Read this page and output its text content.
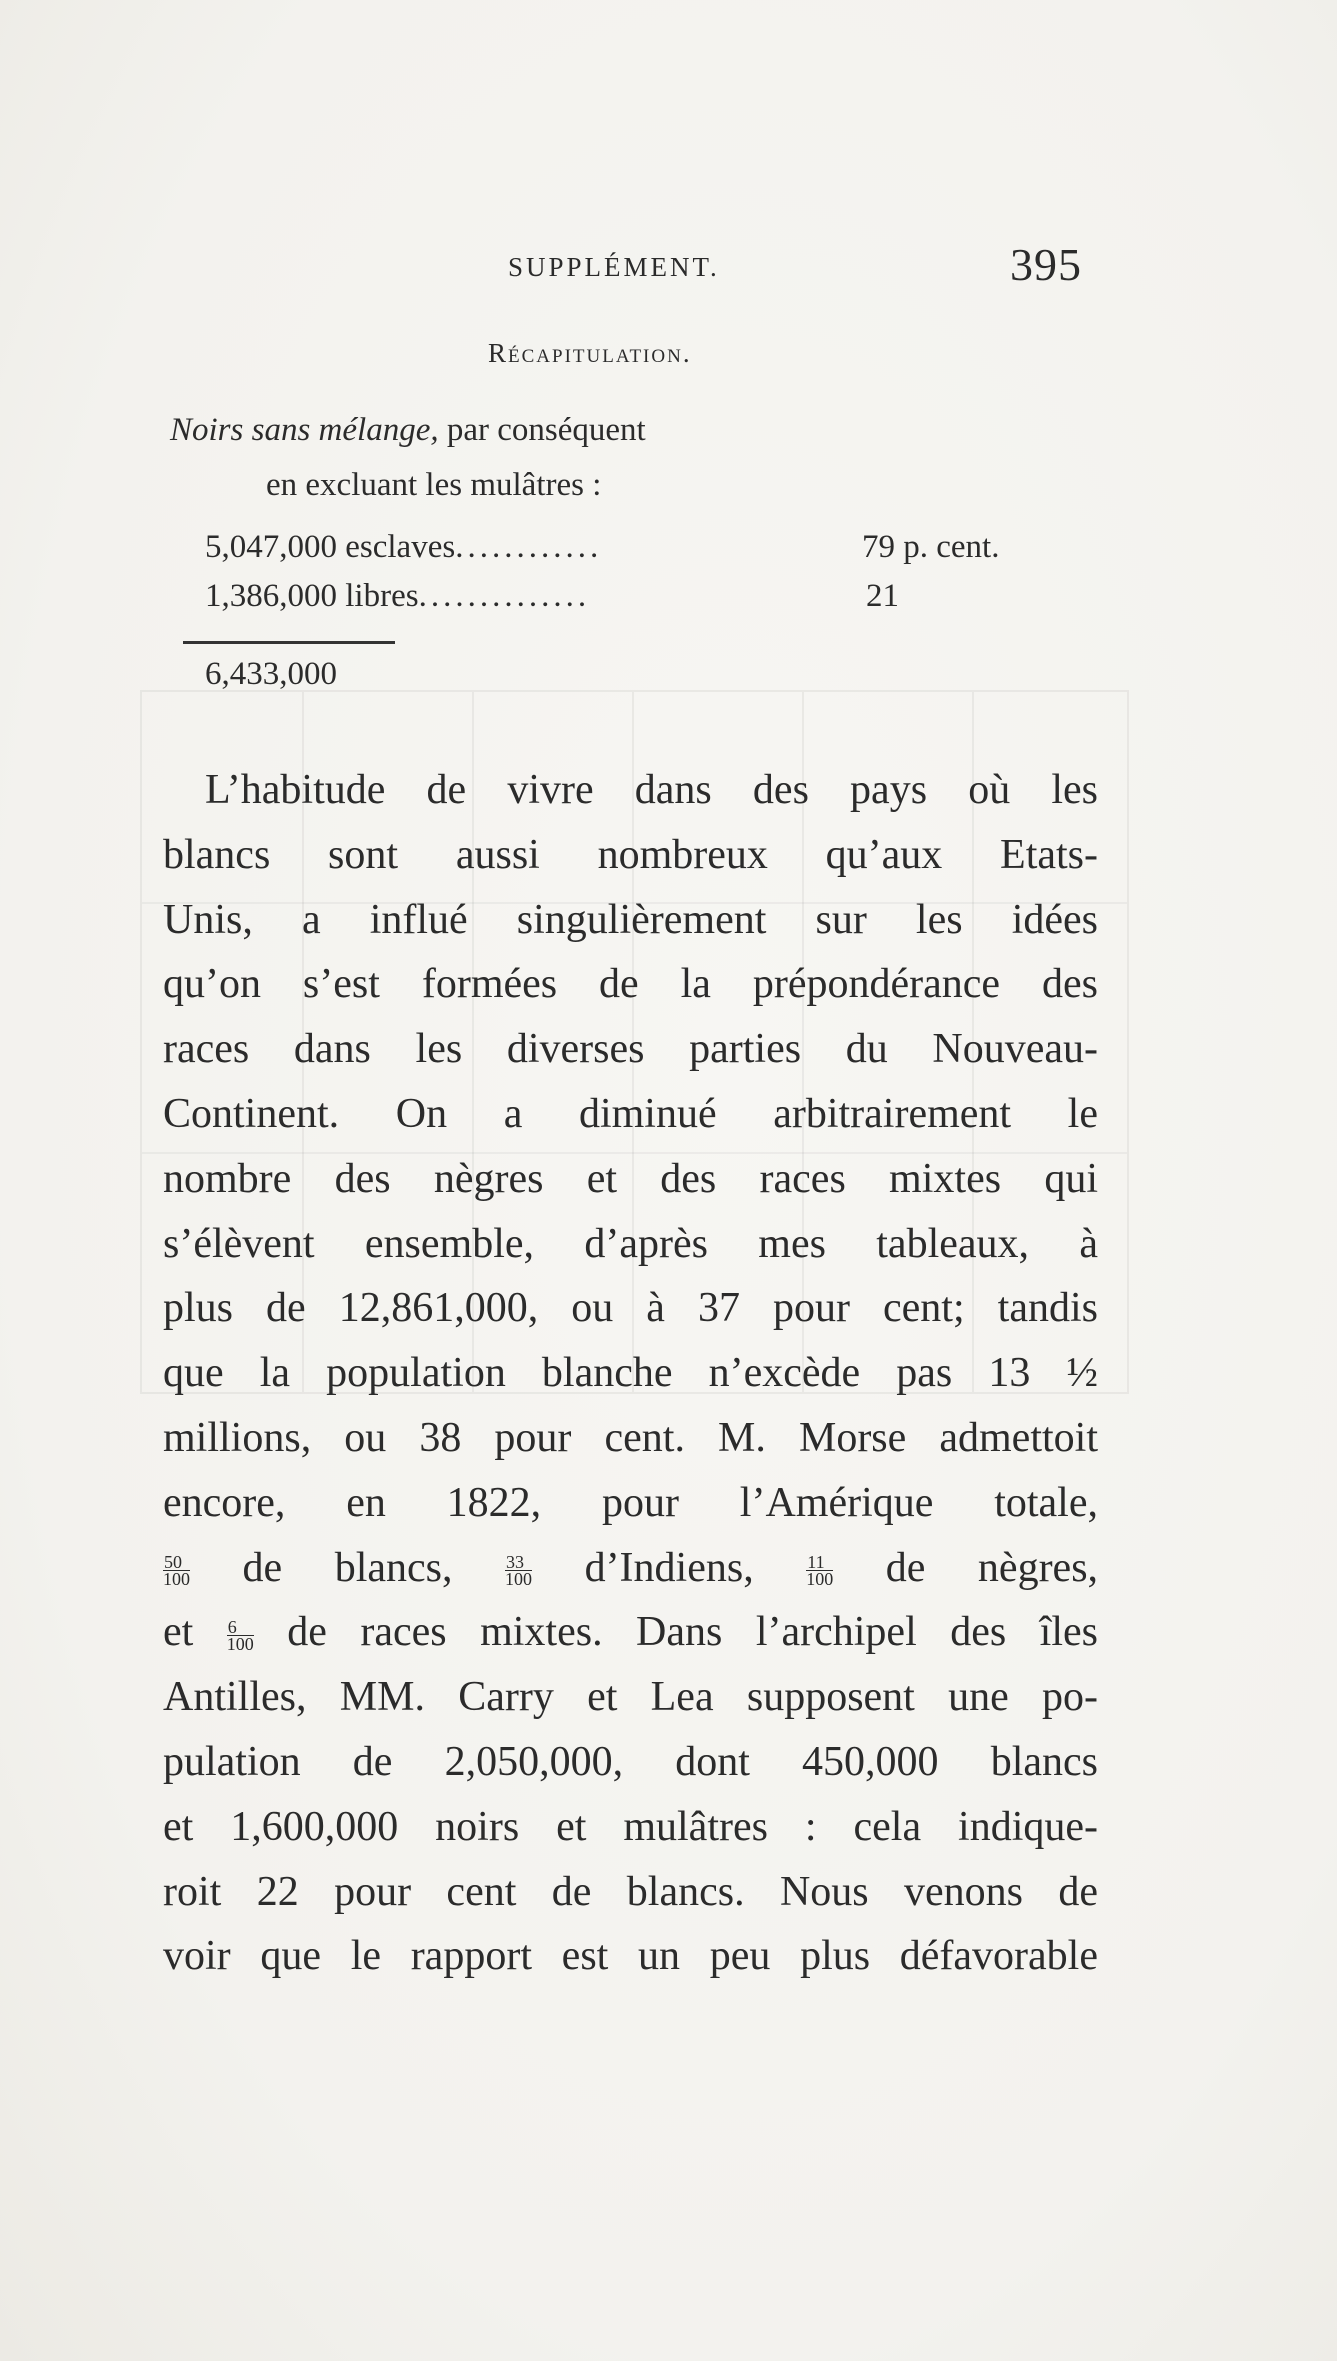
SUPPLÉMENT.	395
Récapitulation.
Noirs sans mélange, par conséquent
en excluant les mulâtres :
5,047,000 esclaves............	79 p. cent.
1,386,000 libres..............	21
6,433,000
L’habitude de vivre dans des pays où les
blancs sont aussi nombreux qu’aux Etats-
Unis, a influé singulièrement sur les idées
qu’on s’est formées de la prépondérance des
races dans les diverses parties du Nouveau-
Continent. On a diminué arbitrairement le
nombre des nègres et des races mixtes qui
s’élèvent ensemble, d’après mes tableaux, à
plus de 12,861,000, ou à 37 pour cent; tandis
que la population blanche n’excède pas 13 ½
millions, ou 38 pour cent. M. Morse admettoit
encore, en 1822, pour l’Amérique totale,
$\frac{50}{100}$ de blancs,	$\frac{33}{100}$ d’Indiens,	$\frac{11}{100}$ de nègres,
et $\frac{6}{100}$ de races mixtes. Dans l’archipel des îles
Antilles, MM. Carry et Lea supposent une po-
pulation de 2,050,000, dont 450,000 blancs
et 1,600,000 noirs et mulâtres : cela indique-
roit 22 pour cent de blancs. Nous venons de
voir que le rapport est un peu plus défavorable
